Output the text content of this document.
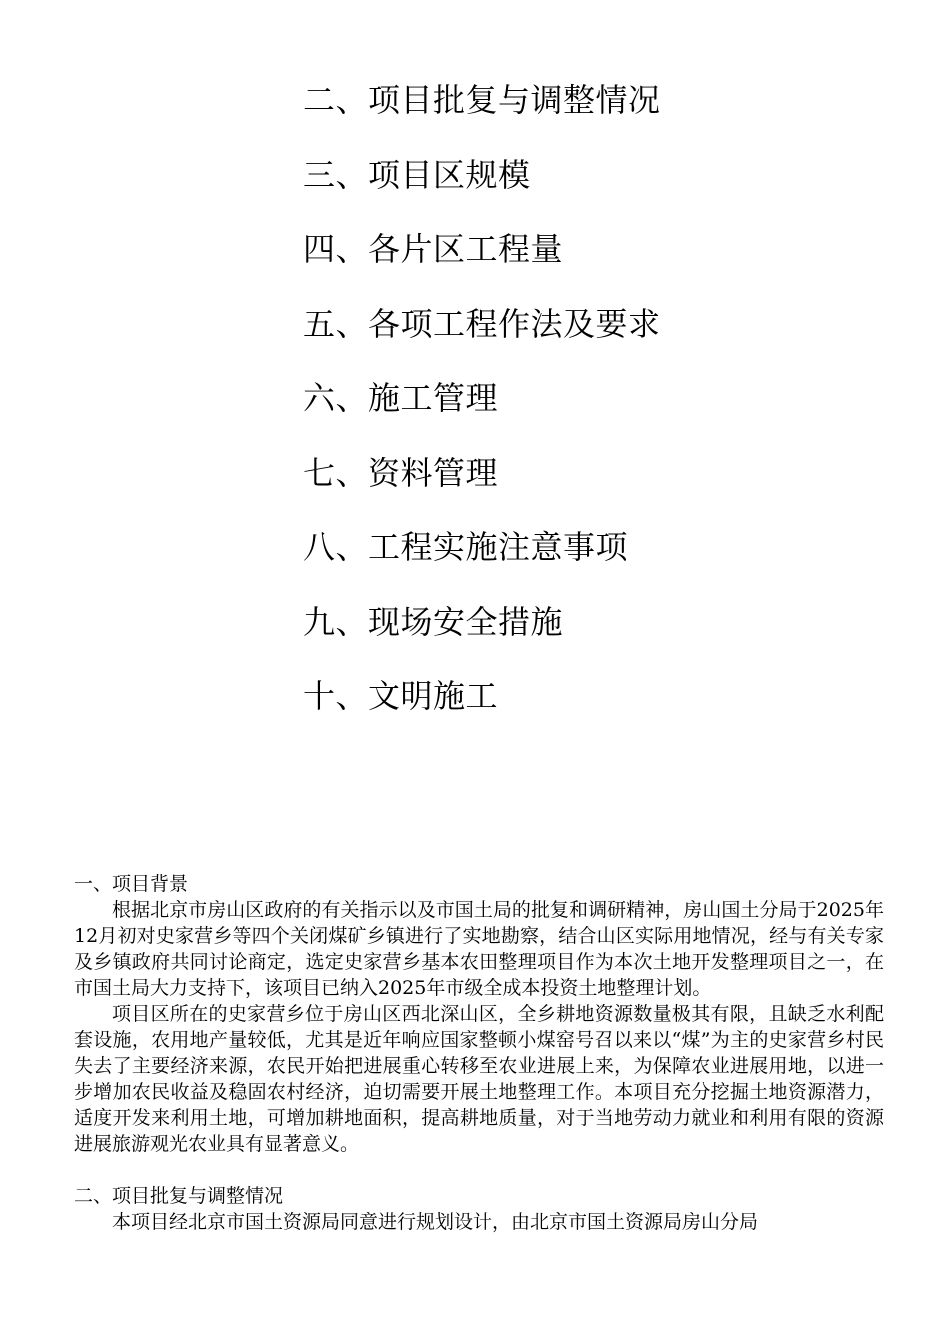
二、项目批复与调整情况
三、项目区规模
四、各片区工程量
五、各项工程作法及要求
六、施工管理
七、资料管理
八、工程实施注意事项
九、现场安全措施
十、文明施工
一、项目背景

根据北京市房山区政府的有关指示以及市国土局的批复和调研精神，房山国土分局于2025年12月初对史家营乡等四个关闭煤矿乡镇进行了实地勘察，结合山区实际用地情况，经与有关专家及乡镇政府共同讨论商定，选定史家营乡基本农田整理项目作为本次土地开发整理项目之一，在市国土局大力支持下，该项目已纳入2025年市级全成本投资土地整理计划。

项目区所在的史家营乡位于房山区西北深山区，全乡耕地资源数量极其有限，且缺乏水利配套设施，农用地产量较低，尤其是近年响应国家整顿小煤窑号召以来以“煤”为主的史家营乡村民失去了主要经济来源，农民开始把进展重心转移至农业进展上来，为保障农业进展用地，以进一步增加农民收益及稳固农村经济，迫切需要开展土地整理工作。本项目充分挖掘土地资源潜力，适度开发来利用土地，可增加耕地面积，提高耕地质量，对于当地劳动力就业和利用有限的资源进展旅游观光农业具有显著意义。

二、项目批复与调整情况

本项目经北京市国土资源局同意进行规划设计，由北京市国土资源局房山分局
